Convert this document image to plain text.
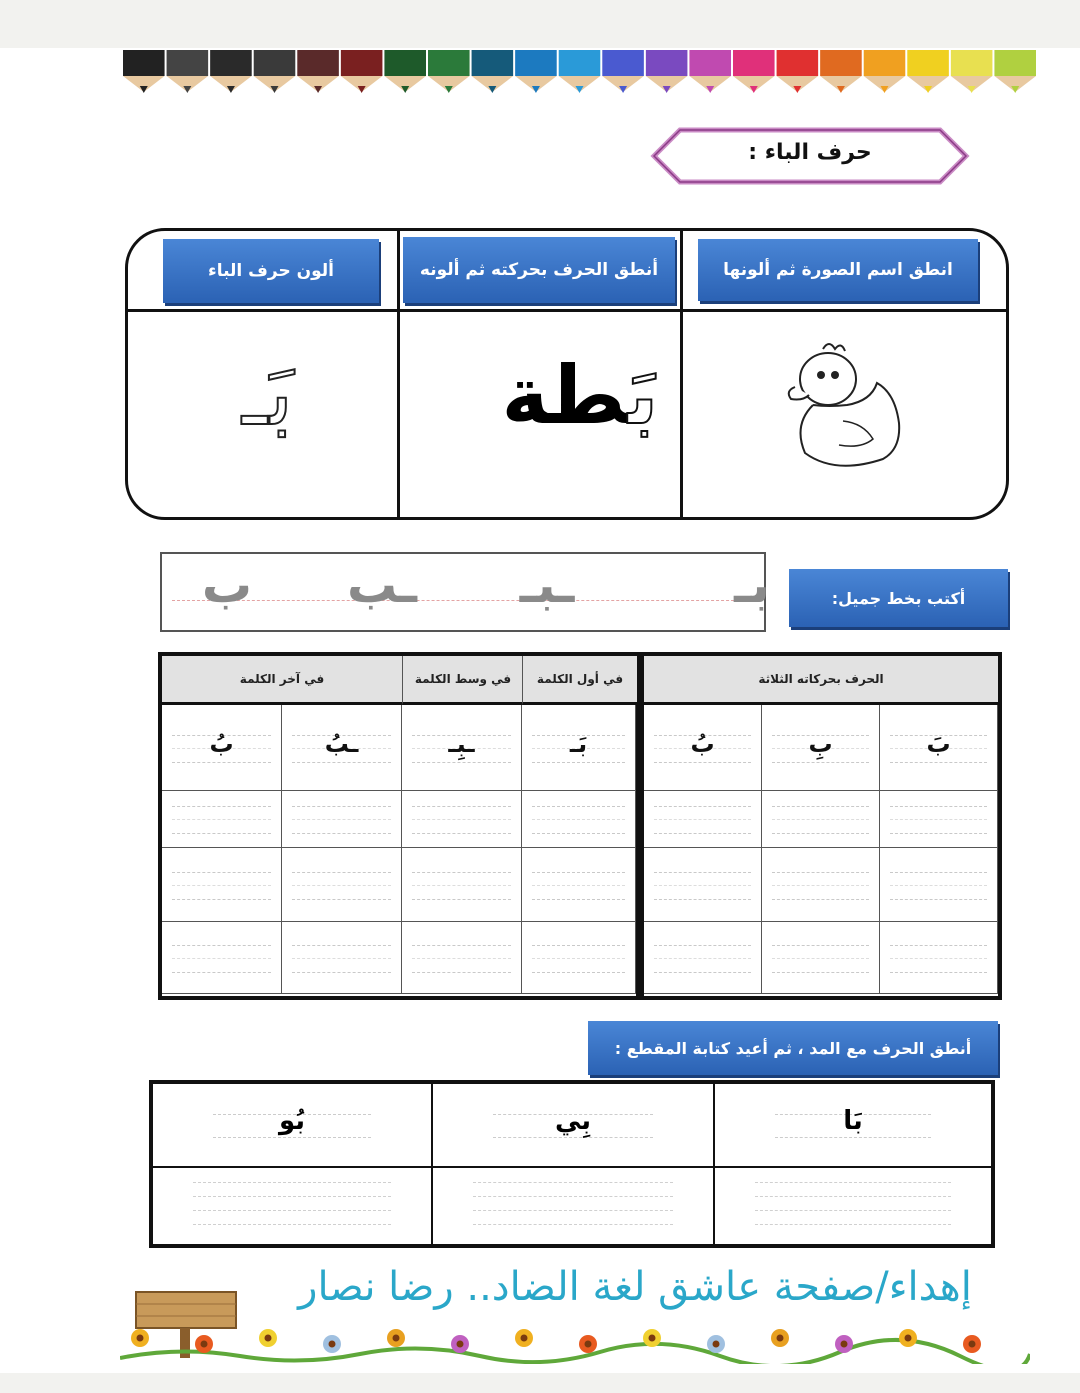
حرف الباء :
انطق اسم الصورة ثم ألونها
أنطق الحرف بحركته ثم ألونه
ألون حرف الباء
بَطة
بَـ
أكتب بخط جميل:
بـ
ـبـ
ـب
ب
الحرف بحركاته الثلاثة
بَ
بِ
بُ
في وسط الكلمة	في أول الكلمة
في آخر الكلمة
بَـ
ـبِـ
ـبُ
بُ
أنطق الحرف مع المد ، ثم أعيد كتابة المقطع :
بَا
بِي
بُو
إهداء/صفحة عاشق لغة الضاد.. رضا نصار
